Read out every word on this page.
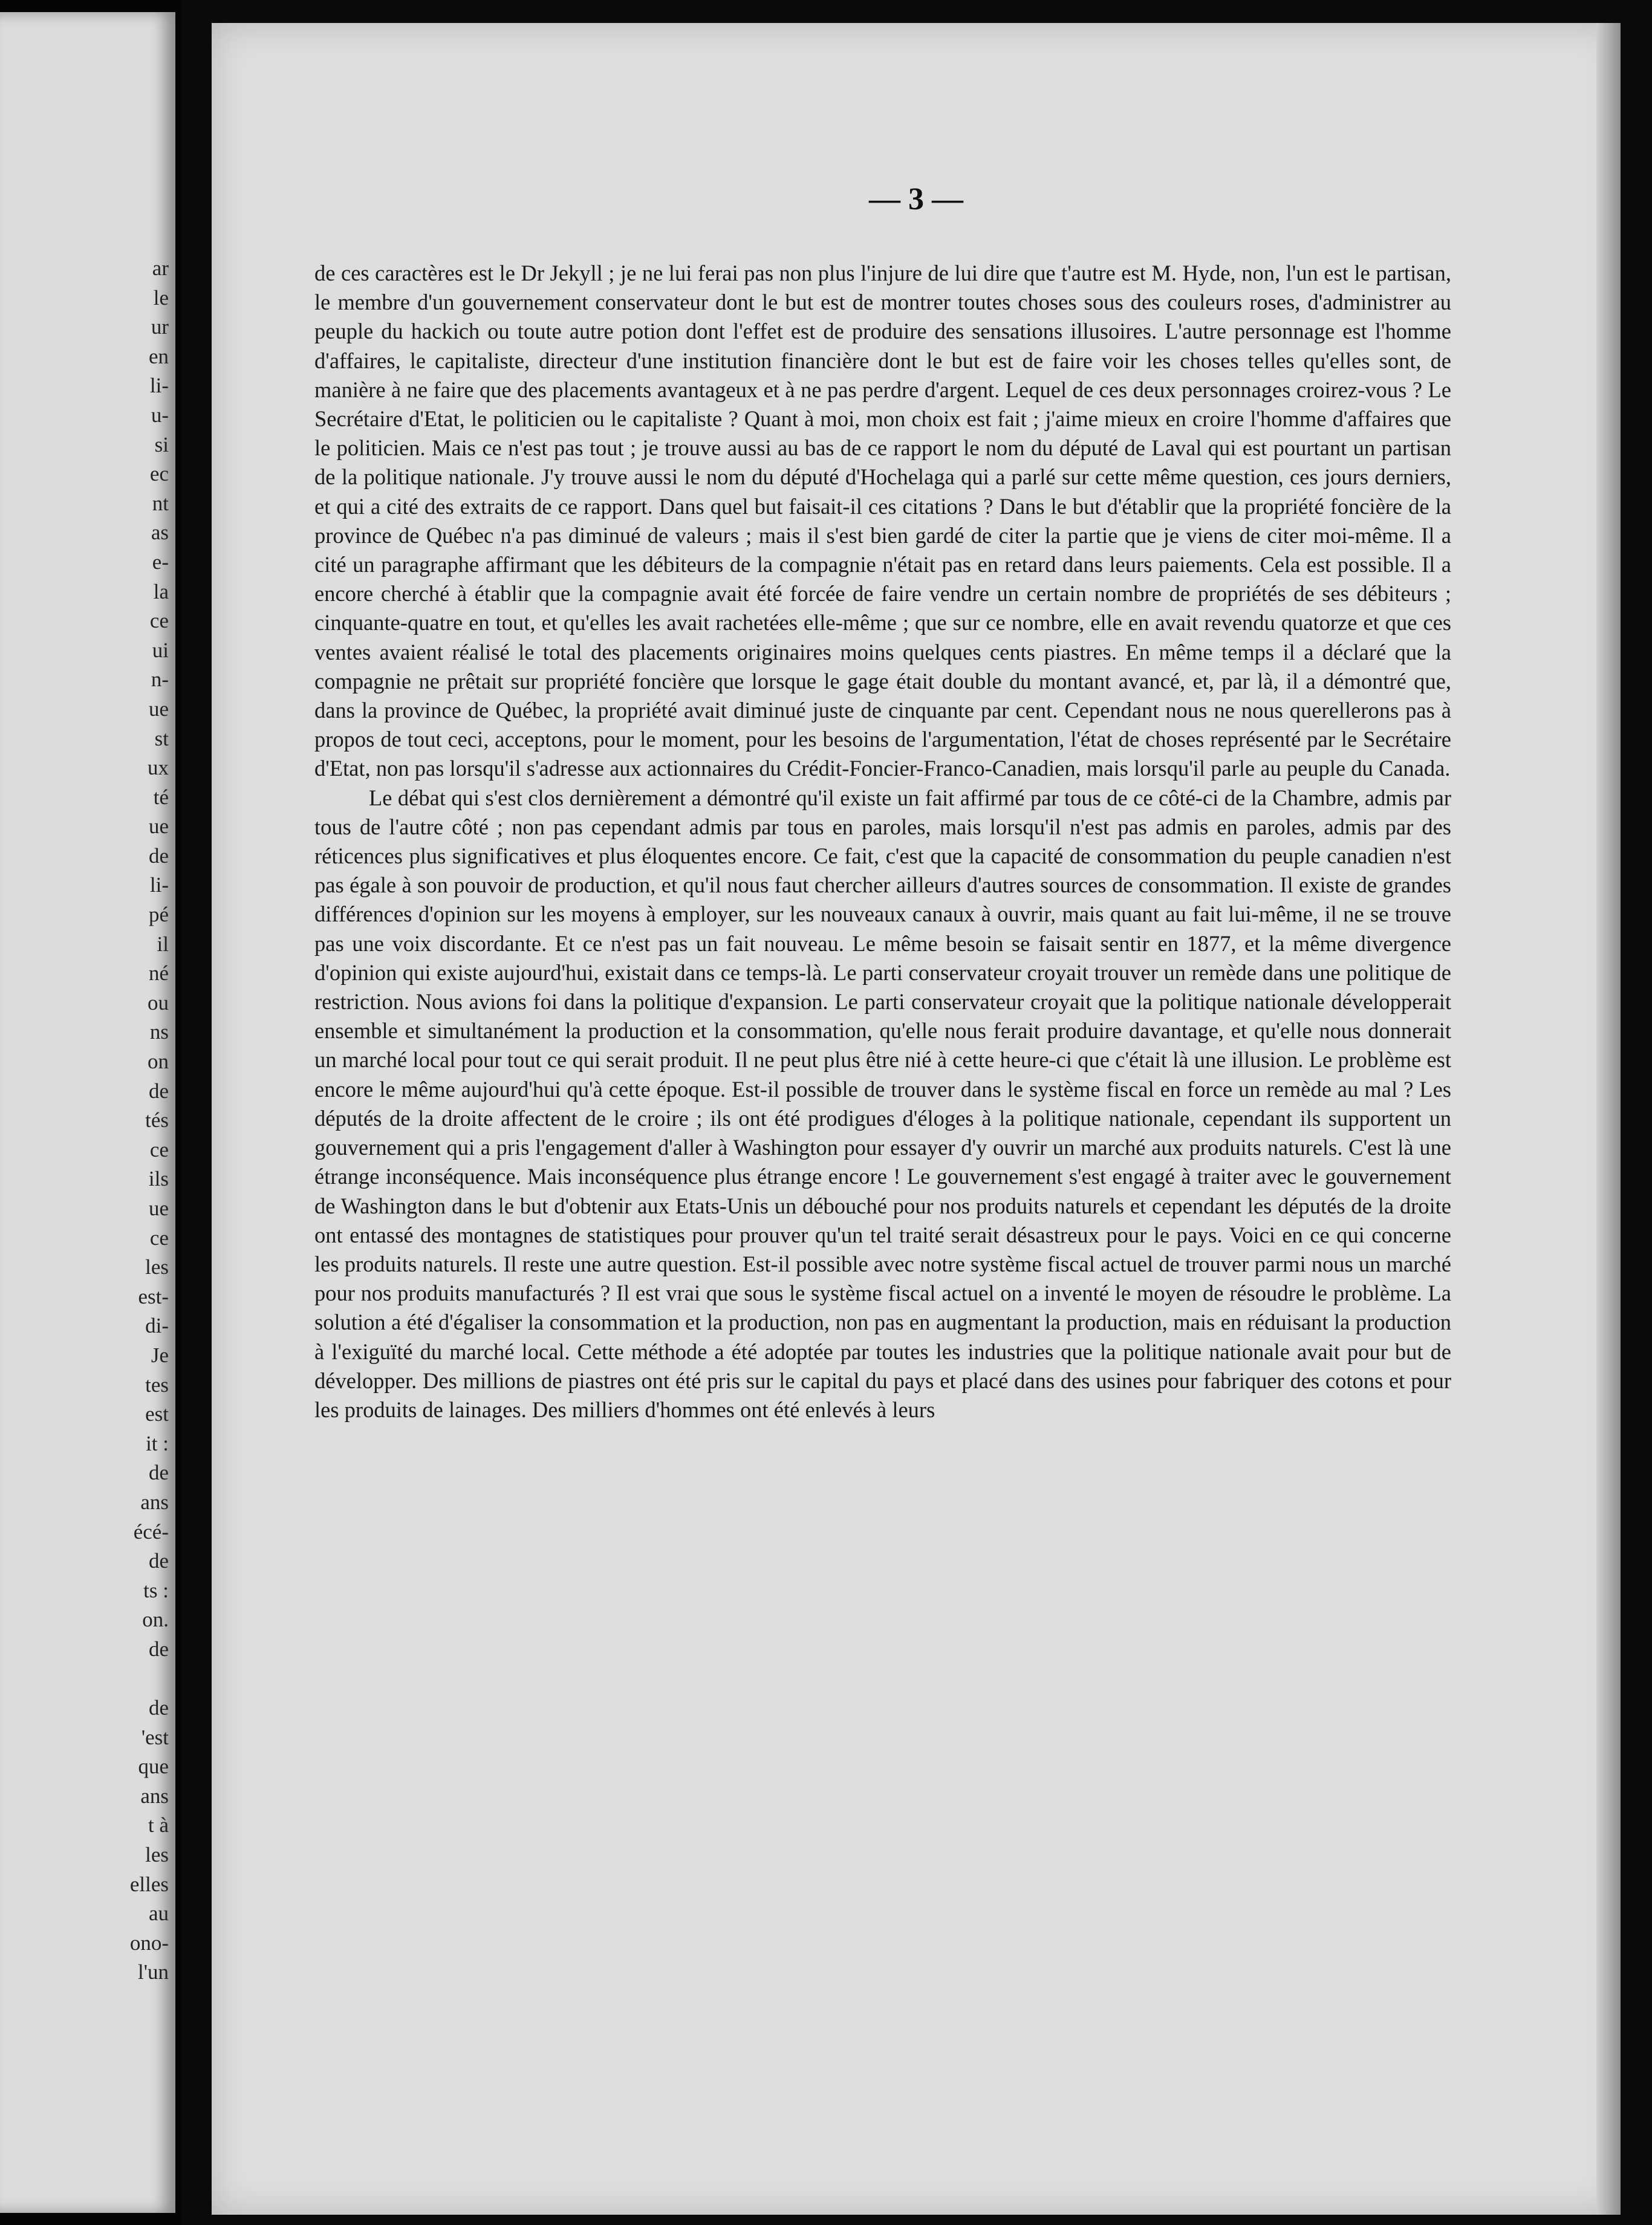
ar
le
ur
en
li-
u-
si
ec
nt
as
e-
la
ce
ui
n-
ue
st
ux
té
ue
de
li-
pé
il
né
ou
ns
on
de
tés
ce
ils
ue
ce
les
est-
di-
Je
tes
est
it :
de
ans
écé-
de
ts :
on.
de

de
'est
que
ans
t à
les
elles
au
ono-
l'un

— 3 —

de ces caractères est le Dr Jekyll ; je ne lui ferai pas non plus l'injure de lui dire que t'autre est M. Hyde, non, l'un est le partisan, le membre d'un gouvernement conservateur dont le but est de montrer toutes choses sous des couleurs roses, d'administrer au peuple du hackich ou toute autre potion dont l'effet est de produire des sensations illusoires. L'autre personnage est l'homme d'affaires, le capitaliste, directeur d'une institution financière dont le but est de faire voir les choses telles qu'elles sont, de manière à ne faire que des placements avantageux et à ne pas perdre d'argent. Lequel de ces deux personnages croirez-vous ? Le Secrétaire d'Etat, le politicien ou le capitaliste ? Quant à moi, mon choix est fait ; j'aime mieux en croire l'homme d'affaires que le politicien. Mais ce n'est pas tout ; je trouve aussi au bas de ce rapport le nom du député de Laval qui est pourtant un partisan de la politique nationale. J'y trouve aussi le nom du député d'Hochelaga qui a parlé sur cette même question, ces jours derniers, et qui a cité des extraits de ce rapport. Dans quel but faisait-il ces citations ? Dans le but d'établir que la propriété foncière de la province de Québec n'a pas diminué de valeurs ; mais il s'est bien gardé de citer la partie que je viens de citer moi-même. Il a cité un paragraphe affirmant que les débiteurs de la compagnie n'était pas en retard dans leurs paiements. Cela est possible. Il a encore cherché à établir que la compagnie avait été forcée de faire vendre un certain nombre de propriétés de ses débiteurs ; cinquante-quatre en tout, et qu'elles les avait rachetées elle-même ; que sur ce nombre, elle en avait revendu quatorze et que ces ventes avaient réalisé le total des placements originaires moins quelques cents piastres. En même temps il a déclaré que la compagnie ne prêtait sur propriété foncière que lorsque le gage était double du montant avancé, et, par là, il a démontré que, dans la province de Québec, la propriété avait diminué juste de cinquante par cent. Cependant nous ne nous querellerons pas à propos de tout ceci, acceptons, pour le moment, pour les besoins de l'argumentation, l'état de choses représenté par le Secrétaire d'Etat, non pas lorsqu'il s'adresse aux actionnaires du Crédit-Foncier-Franco-Canadien, mais lorsqu'il parle au peuple du Canada.

Le débat qui s'est clos dernièrement a démontré qu'il existe un fait affirmé par tous de ce côté-ci de la Chambre, admis par tous de l'autre côté ; non pas cependant admis par tous en paroles, mais lorsqu'il n'est pas admis en paroles, admis par des réticences plus significatives et plus éloquentes encore. Ce fait, c'est que la capacité de consommation du peuple canadien n'est pas égale à son pouvoir de production, et qu'il nous faut chercher ailleurs d'autres sources de consommation. Il existe de grandes différences d'opinion sur les moyens à employer, sur les nouveaux canaux à ouvrir, mais quant au fait lui-même, il ne se trouve pas une voix discordante. Et ce n'est pas un fait nouveau. Le même besoin se faisait sentir en 1877, et la même divergence d'opinion qui existe aujourd'hui, existait dans ce temps-là. Le parti conservateur croyait trouver un remède dans une politique de restriction. Nous avions foi dans la politique d'expansion. Le parti conservateur croyait que la politique nationale développerait ensemble et simultanément la production et la consommation, qu'elle nous ferait produire davantage, et qu'elle nous donnerait un marché local pour tout ce qui serait produit. Il ne peut plus être nié à cette heure-ci que c'était là une illusion. Le problème est encore le même aujourd'hui qu'à cette époque. Est-il possible de trouver dans le système fiscal en force un remède au mal ? Les députés de la droite affectent de le croire ; ils ont été prodigues d'éloges à la politique nationale, cependant ils supportent un gouvernement qui a pris l'engagement d'aller à Washington pour essayer d'y ouvrir un marché aux produits naturels. C'est là une étrange inconséquence. Mais inconséquence plus étrange encore ! Le gouvernement s'est engagé à traiter avec le gouvernement de Washington dans le but d'obtenir aux Etats-Unis un débouché pour nos produits naturels et cependant les députés de la droite ont entassé des montagnes de statistiques pour prouver qu'un tel traité serait désastreux pour le pays. Voici en ce qui concerne les produits naturels. Il reste une autre question. Est-il possible avec notre système fiscal actuel de trouver parmi nous un marché pour nos produits manufacturés ? Il est vrai que sous le système fiscal actuel on a inventé le moyen de résoudre le problème. La solution a été d'égaliser la consommation et la production, non pas en augmentant la production, mais en réduisant la production à l'exiguïté du marché local. Cette méthode a été adoptée par toutes les industries que la politique nationale avait pour but de développer. Des millions de piastres ont été pris sur le capital du pays et placé dans des usines pour fabriquer des cotons et pour les produits de lainages. Des milliers d'hommes ont été enlevés à leurs
